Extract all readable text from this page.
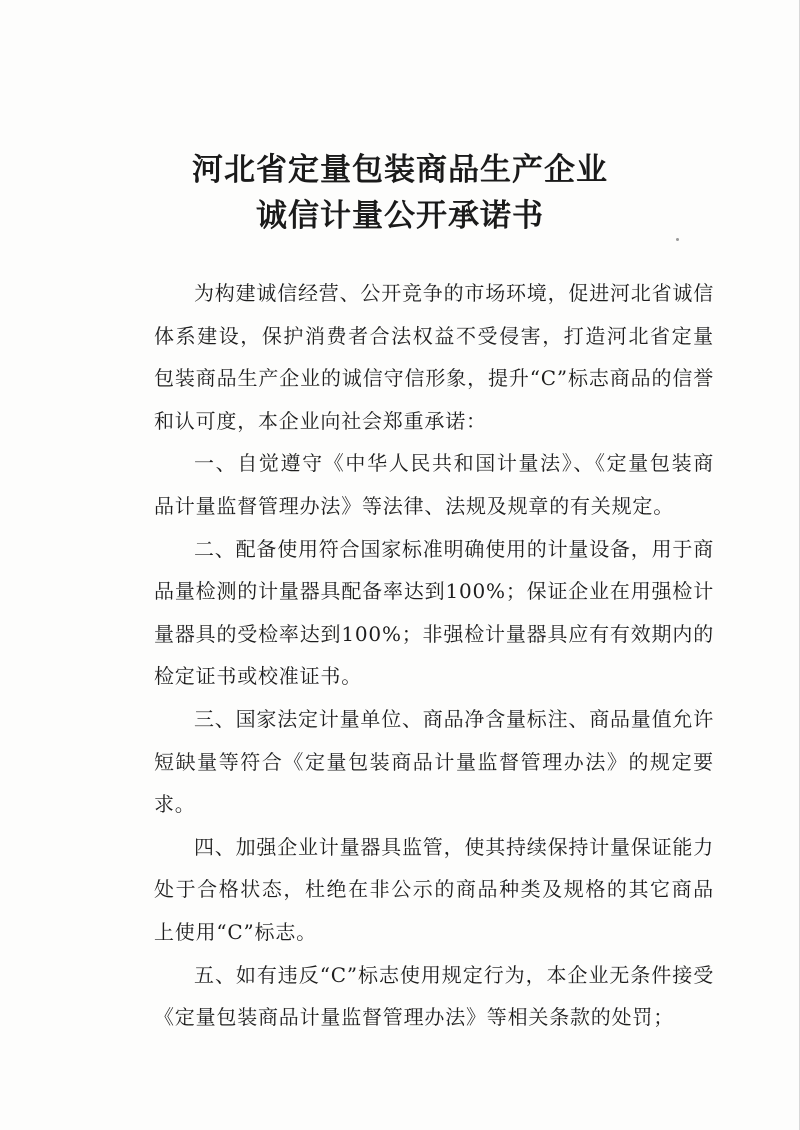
河北省定量包装商品生产企业
诚信计量公开承诺书

为构建诚信经营、公开竞争的市场环境，促进河北省诚信体系建设，保护消费者合法权益不受侵害，打造河北省定量包装商品生产企业的诚信守信形象，提升“C”标志商品的信誉和认可度，本企业向社会郑重承诺：

一、自觉遵守《中华人民共和国计量法》、《定量包装商品计量监督管理办法》等法律、法规及规章的有关规定。

二、配备使用符合国家标准明确使用的计量设备，用于商品量检测的计量器具配备率达到100%；保证企业在用强检计量器具的受检率达到100%；非强检计量器具应有有效期内的检定证书或校准证书。

三、国家法定计量单位、商品净含量标注、商品量值允许短缺量等符合《定量包装商品计量监督管理办法》的规定要求。

四、加强企业计量器具监管，使其持续保持计量保证能力处于合格状态，杜绝在非公示的商品种类及规格的其它商品上使用“C”标志。

五、如有违反“C”标志使用规定行为，本企业无条件接受《定量包装商品计量监督管理办法》等相关条款的处罚；
